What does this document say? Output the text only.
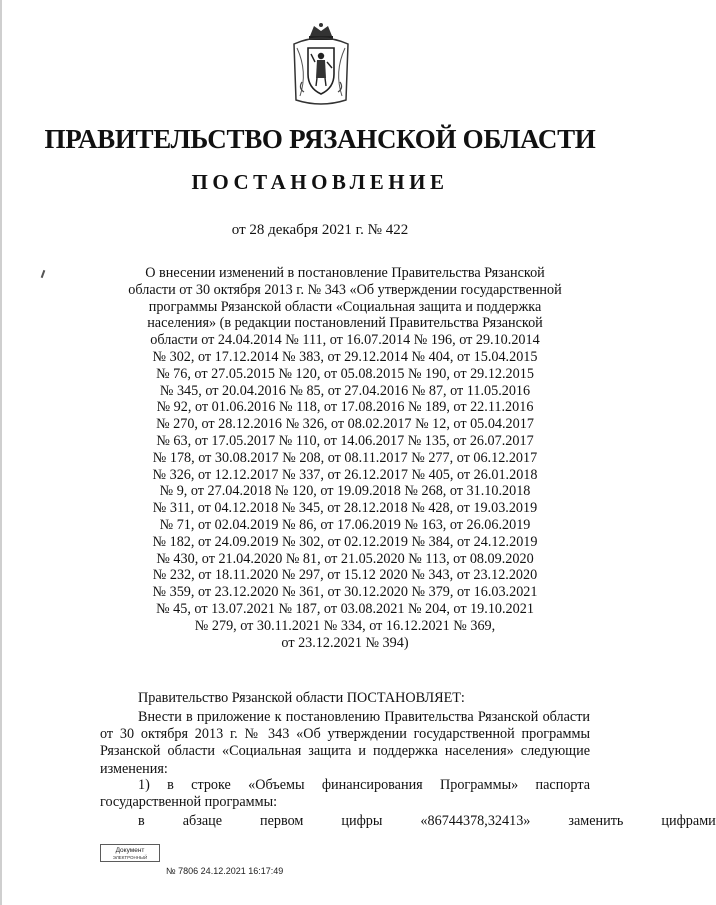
ПРАВИТЕЛЬСТВО РЯЗАНСКОЙ ОБЛАСТИ
ПОСТАНОВЛЕНИЕ
от 28 декабря 2021 г. № 422
О внесении изменений в постановление Правительства Рязанской
области от 30 октября 2013 г. № 343 «Об утверждении государственной
программы Рязанской области «Социальная защита и поддержка
населения» (в редакции постановлений Правительства Рязанской
области от 24.04.2014 № 111, от 16.07.2014 № 196, от 29.10.2014
№ 302, от 17.12.2014 № 383, от 29.12.2014 № 404, от 15.04.2015
№ 76, от 27.05.2015 № 120, от 05.08.2015 № 190, от 29.12.2015
№ 345, от 20.04.2016 № 85, от 27.04.2016 № 87, от 11.05.2016
№ 92, от 01.06.2016 № 118, от 17.08.2016 № 189, от 22.11.2016
№ 270, от 28.12.2016 № 326, от 08.02.2017 № 12, от 05.04.2017
№ 63, от 17.05.2017 № 110, от 14.06.2017 № 135, от 26.07.2017
№ 178, от 30.08.2017 № 208, от 08.11.2017 № 277, от 06.12.2017
№ 326, от 12.12.2017 № 337, от 26.12.2017 № 405, от 26.01.2018
№ 9, от 27.04.2018 № 120, от 19.09.2018 № 268, от 31.10.2018
№ 311, от 04.12.2018 № 345, от 28.12.2018 № 428, от 19.03.2019
№ 71, от 02.04.2019 № 86, от 17.06.2019 № 163, от 26.06.2019
№ 182, от 24.09.2019 № 302, от 02.12.2019 № 384, от 24.12.2019
№ 430, от 21.04.2020 № 81, от 21.05.2020 № 113, от 08.09.2020
№ 232, от 18.11.2020 № 297, от 15.12 2020 № 343, от 23.12.2020
№ 359, от 23.12.2020 № 361, от 30.12.2020 № 379, от 16.03.2021
№ 45, от 13.07.2021 № 187, от 03.08.2021 № 204, от 19.10.2021
№ 279, от 30.11.2021 № 334, от 16.12.2021 № 369,
от 23.12.2021 № 394)
Правительство Рязанской области ПОСТАНОВЛЯЕТ:
Внести в приложение к постановлению Правительства Рязанской области от 30 октября 2013 г. № 343 «Об утверждении государственной программы Рязанской области «Социальная защита и поддержка населения» следующие изменения:
1) в строке «Объемы финансирования Программы» паспорта государственной программы:
в	абзаце	первом	цифры	«86744378,32413»	заменить	цифрами
Документ
ЭЛЕКТРОННЫЙ
№ 7806 24.12.2021 16:17:49
